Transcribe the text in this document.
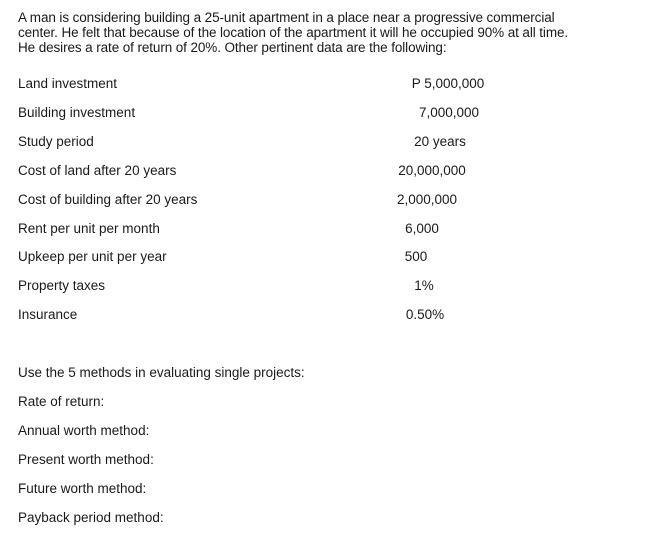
A man is considering building a 25-unit apartment in a place near a progressive commercial
center. He felt that because of the location of the apartment it will he occupied 90% at all time.
He desires a rate of return of 20%. Other pertinent data are the following:
Land investment	P 5,000,000
Building investment	7,000,000
Study period	20 years
Cost of land after 20 years	20,000,000
Cost of building after 20 years	2,000,000
Rent per unit per month	6,000
Upkeep per unit per year	500
Property taxes	1%
Insurance	0.50%
Use the 5 methods in evaluating single projects:
Rate of return:
Annual worth method:
Present worth method:
Future worth method:
Payback period method:
